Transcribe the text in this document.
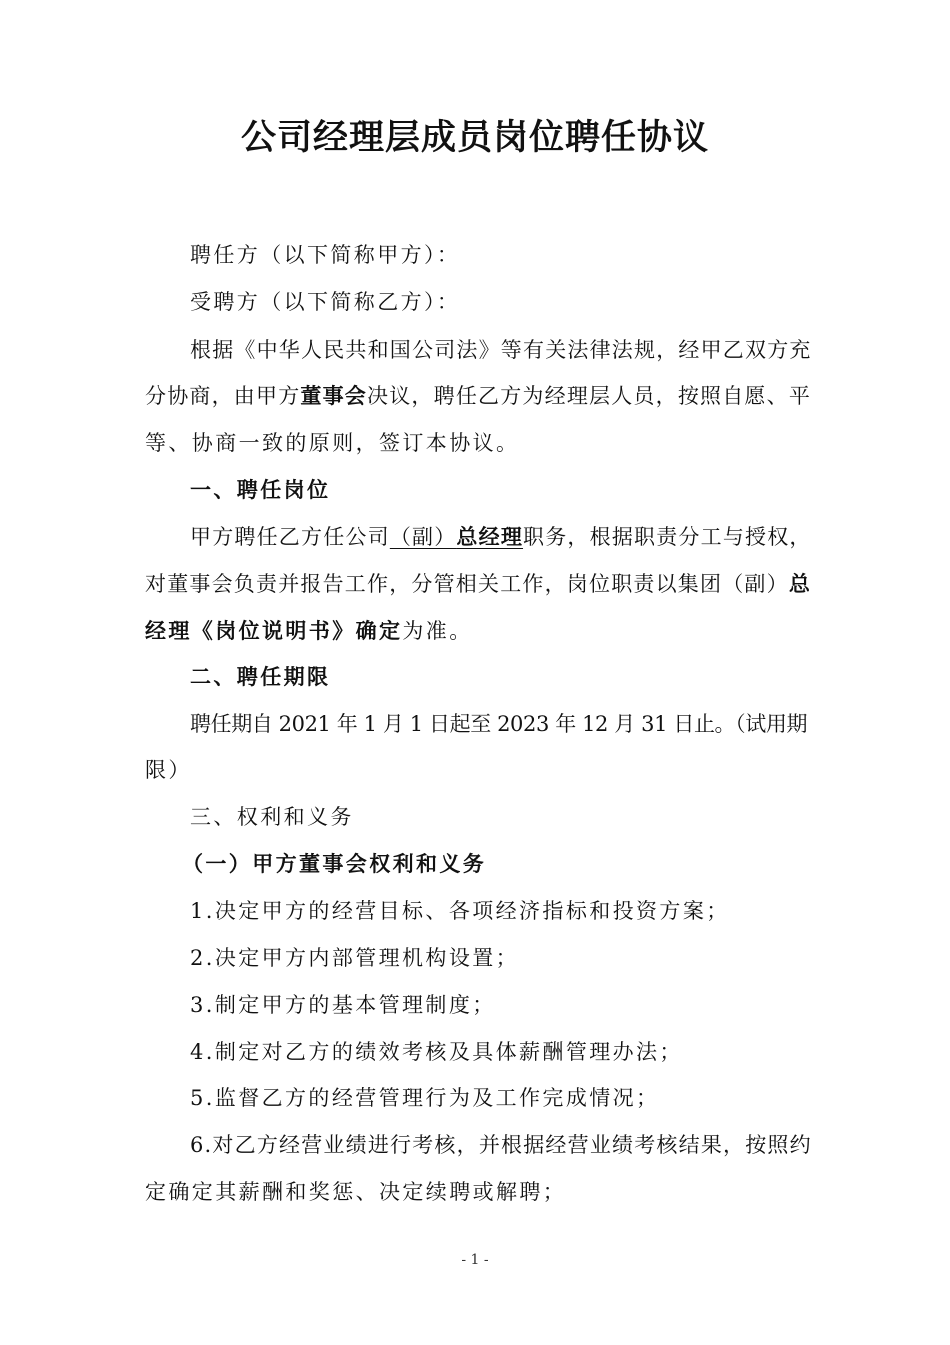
公司经理层成员岗位聘任协议
聘任方（以下简称甲方）：
受聘方（以下简称乙方）：
根据《中华人民共和国公司法》等有关法律法规，经甲乙双方充
分协商，由甲方董事会决议，聘任乙方为经理层人员，按照自愿、平
等、协商一致的原则，签订本协议。
一、聘任岗位
甲方聘任乙方任公司（副）总经理职务，根据职责分工与授权，
对董事会负责并报告工作，分管相关工作，岗位职责以集团（副）总
经理《岗位说明书》确定为准。
二、聘任期限
聘任期自 2021 年 1 月 1 日起至 2023 年 12 月 31 日止。（试用期
限）
三、权利和义务
（一）甲方董事会权利和义务
1.决定甲方的经营目标、各项经济指标和投资方案；
2.决定甲方内部管理机构设置；
3.制定甲方的基本管理制度；
4.制定对乙方的绩效考核及具体薪酬管理办法；
5.监督乙方的经营管理行为及工作完成情况；
6.对乙方经营业绩进行考核，并根据经营业绩考核结果，按照约
定确定其薪酬和奖惩、决定续聘或解聘；
- 1 -
